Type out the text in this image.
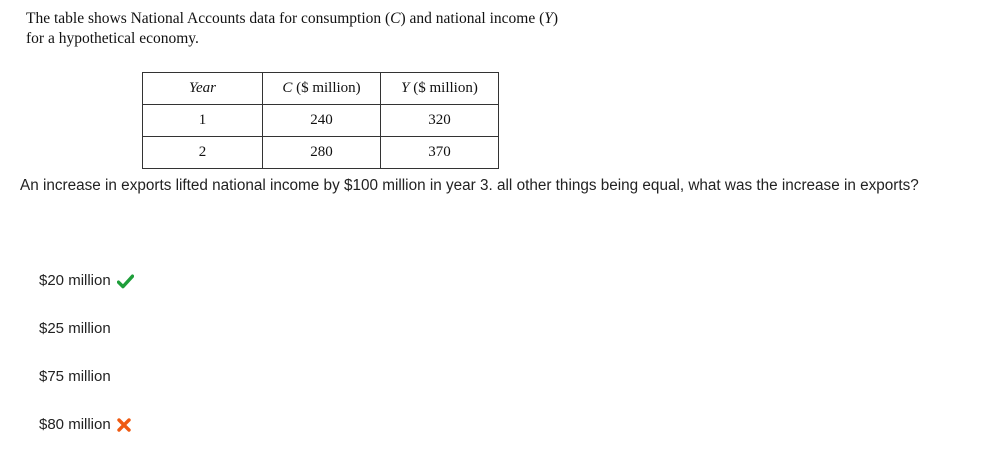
The table shows National Accounts data for consumption (C) and national income (Y)
for a hypothetical economy.
Year	C ($ million)	Y ($ million)
1	240	320
2	280	370
An increase in exports lifted national income by $100 million in year 3. all other things being equal, what was the increase in exports?
$20 million
$25 million
$75 million
$80 million
